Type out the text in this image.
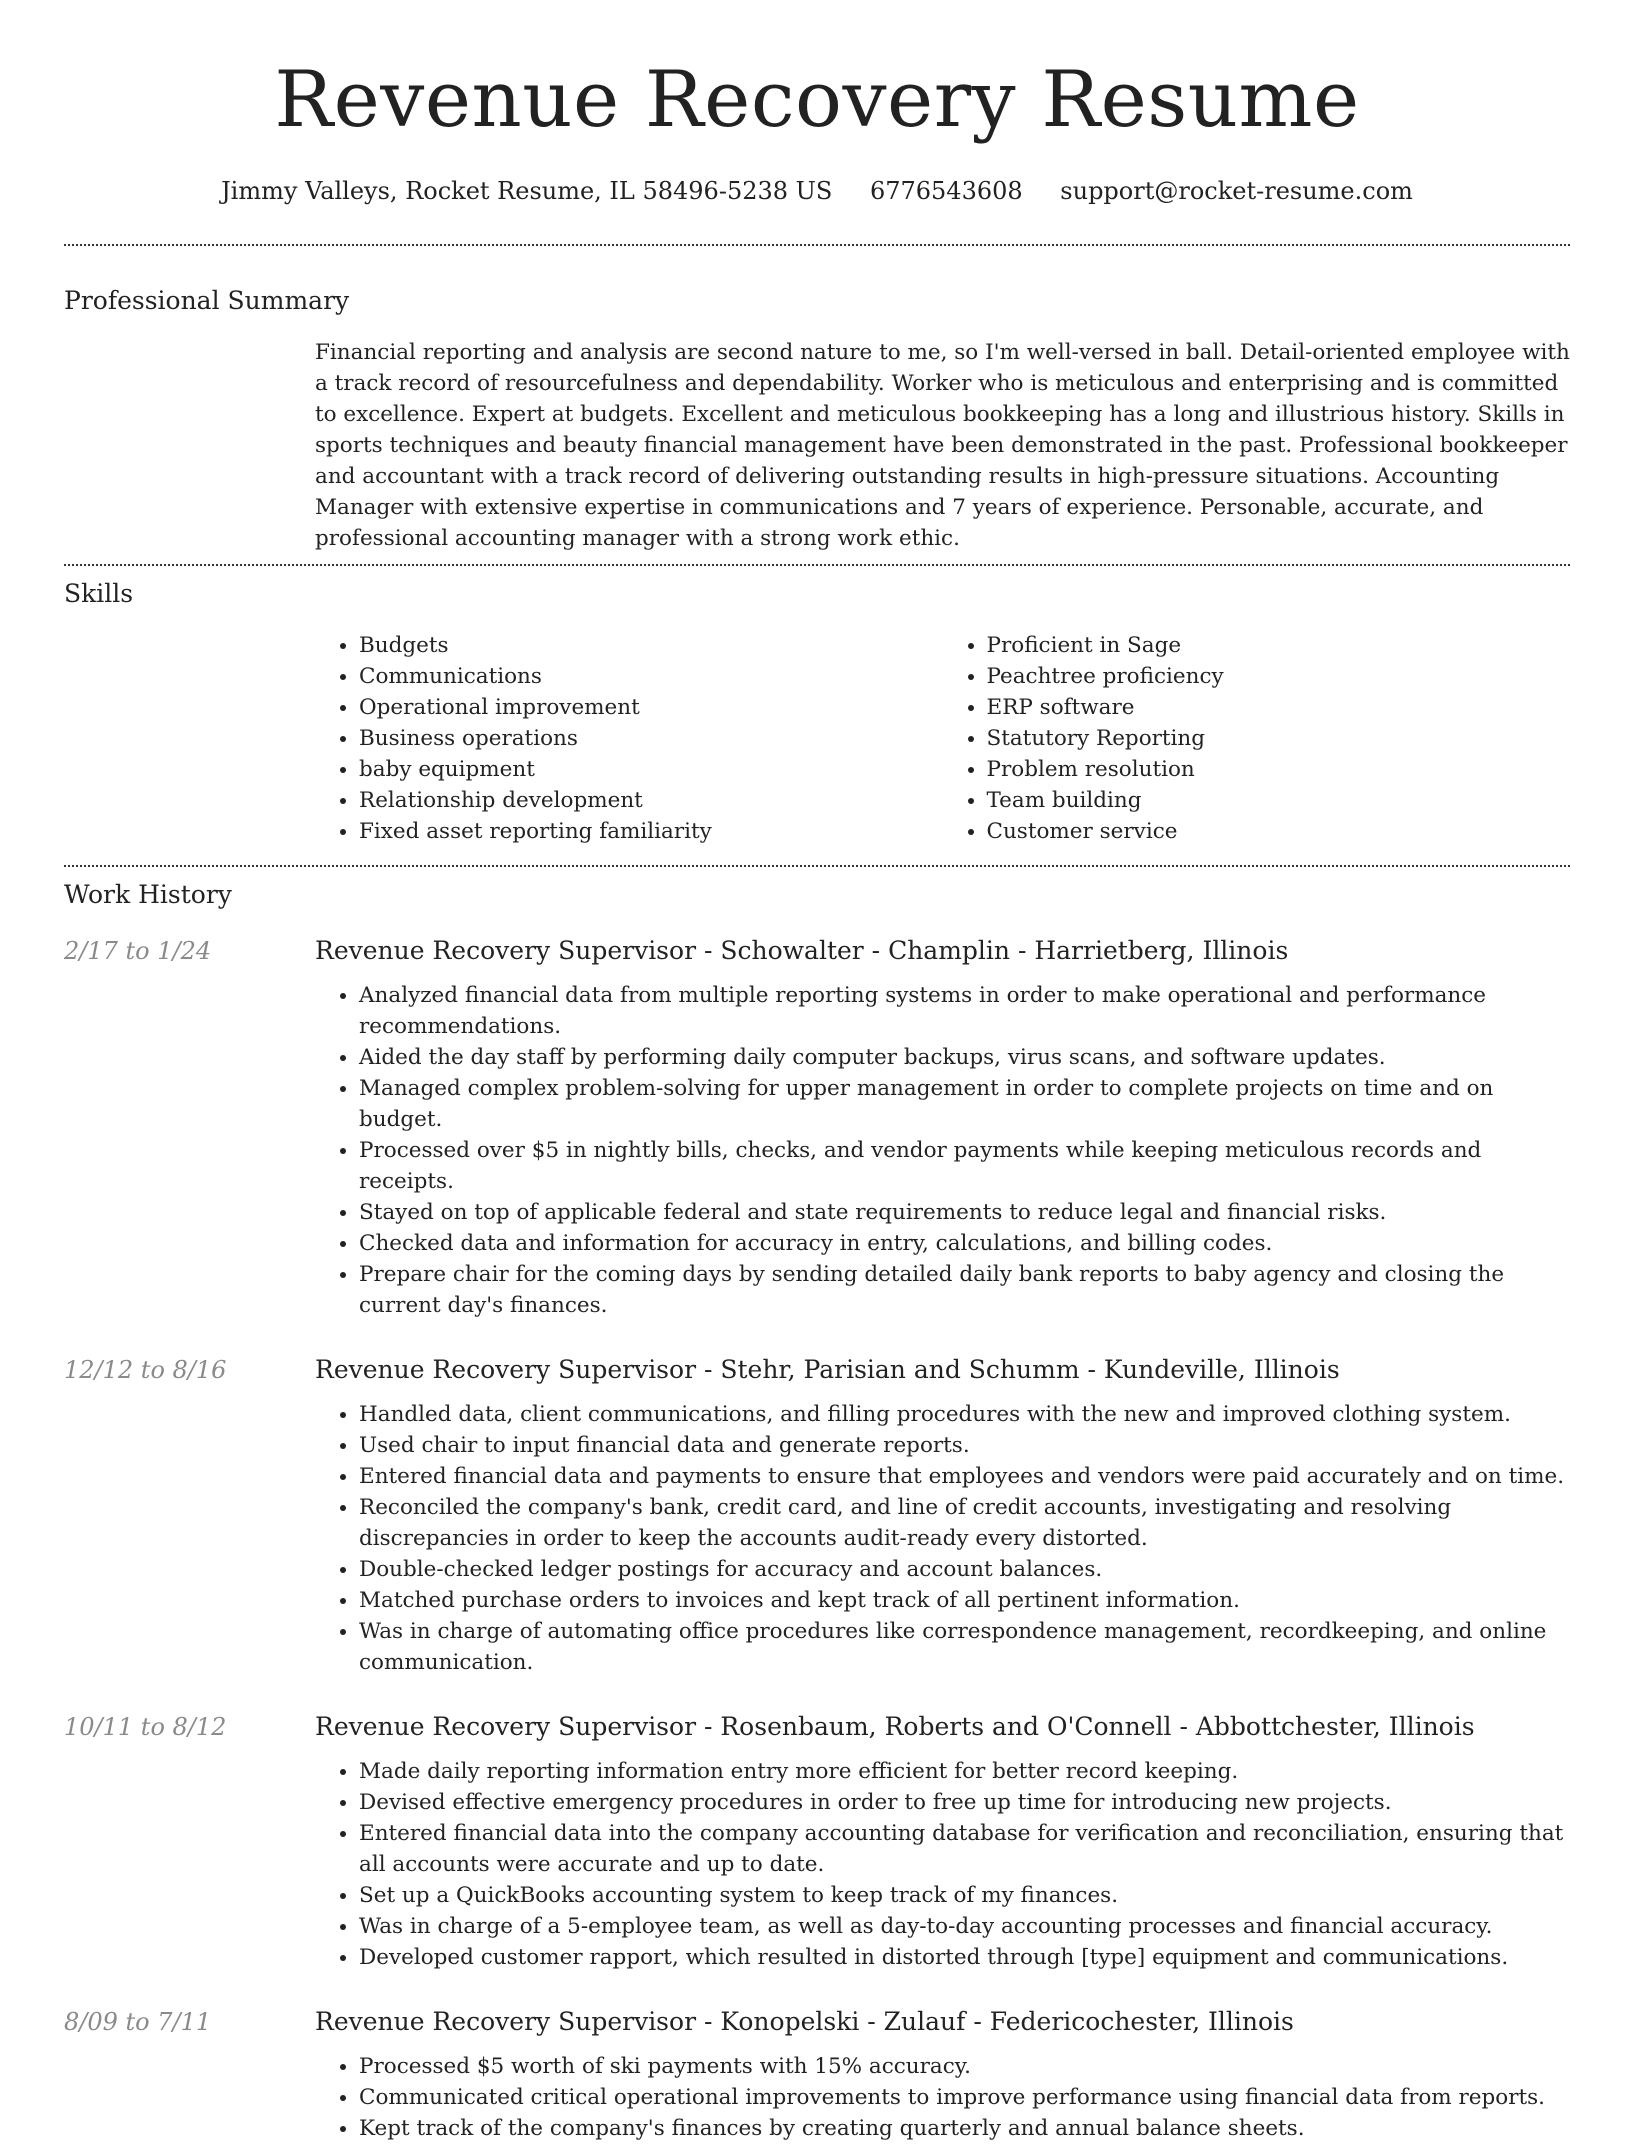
Revenue Recovery Resume
Jimmy Valleys, Rocket Resume, IL 58496-5238 US 6776543608 support@rocket-resume.com
Professional Summary
Financial reporting and analysis are second nature to me, so I'm well-versed in ball. Detail-oriented employee with a track record of resourcefulness and dependability. Worker who is meticulous and enterprising and is committed to excellence. Expert at budgets. Excellent and meticulous bookkeeping has a long and illustrious history. Skills in sports techniques and beauty financial management have been demonstrated in the past. Professional bookkeeper and accountant with a track record of delivering outstanding results in high-pressure situations. Accounting Manager with extensive expertise in communications and 7 years of experience. Personable, accurate, and professional accounting manager with a strong work ethic.
Skills
• Budgets
• Communications
• Operational improvement
• Business operations
• baby equipment
• Relationship development
• Fixed asset reporting familiarity
• Proficient in Sage
• Peachtree proficiency
• ERP software
• Statutory Reporting
• Problem resolution
• Team building
• Customer service
Work History
2/17 to 1/24	Revenue Recovery Supervisor - Schowalter - Champlin - Harrietberg, Illinois
• Analyzed financial data from multiple reporting systems in order to make operational and performance recommendations.
• Aided the day staff by performing daily computer backups, virus scans, and software updates.
• Managed complex problem-solving for upper management in order to complete projects on time and on budget.
• Processed over $5 in nightly bills, checks, and vendor payments while keeping meticulous records and receipts.
• Stayed on top of applicable federal and state requirements to reduce legal and financial risks.
• Checked data and information for accuracy in entry, calculations, and billing codes.
• Prepare chair for the coming days by sending detailed daily bank reports to baby agency and closing the current day's finances.
12/12 to 8/16	Revenue Recovery Supervisor - Stehr, Parisian and Schumm - Kundeville, Illinois
• Handled data, client communications, and filling procedures with the new and improved clothing system.
• Used chair to input financial data and generate reports.
• Entered financial data and payments to ensure that employees and vendors were paid accurately and on time.
• Reconciled the company's bank, credit card, and line of credit accounts, investigating and resolving discrepancies in order to keep the accounts audit-ready every distorted.
• Double-checked ledger postings for accuracy and account balances.
• Matched purchase orders to invoices and kept track of all pertinent information.
• Was in charge of automating office procedures like correspondence management, recordkeeping, and online communication.
10/11 to 8/12	Revenue Recovery Supervisor - Rosenbaum, Roberts and O'Connell - Abbottchester, Illinois
• Made daily reporting information entry more efficient for better record keeping.
• Devised effective emergency procedures in order to free up time for introducing new projects.
• Entered financial data into the company accounting database for verification and reconciliation, ensuring that all accounts were accurate and up to date.
• Set up a QuickBooks accounting system to keep track of my finances.
• Was in charge of a 5-employee team, as well as day-to-day accounting processes and financial accuracy.
• Developed customer rapport, which resulted in distorted through [type] equipment and communications.
8/09 to 7/11	Revenue Recovery Supervisor - Konopelski - Zulauf - Federicochester, Illinois
• Processed $5 worth of ski payments with 15% accuracy.
• Communicated critical operational improvements to improve performance using financial data from reports.
• Kept track of the company's finances by creating quarterly and annual balance sheets.
